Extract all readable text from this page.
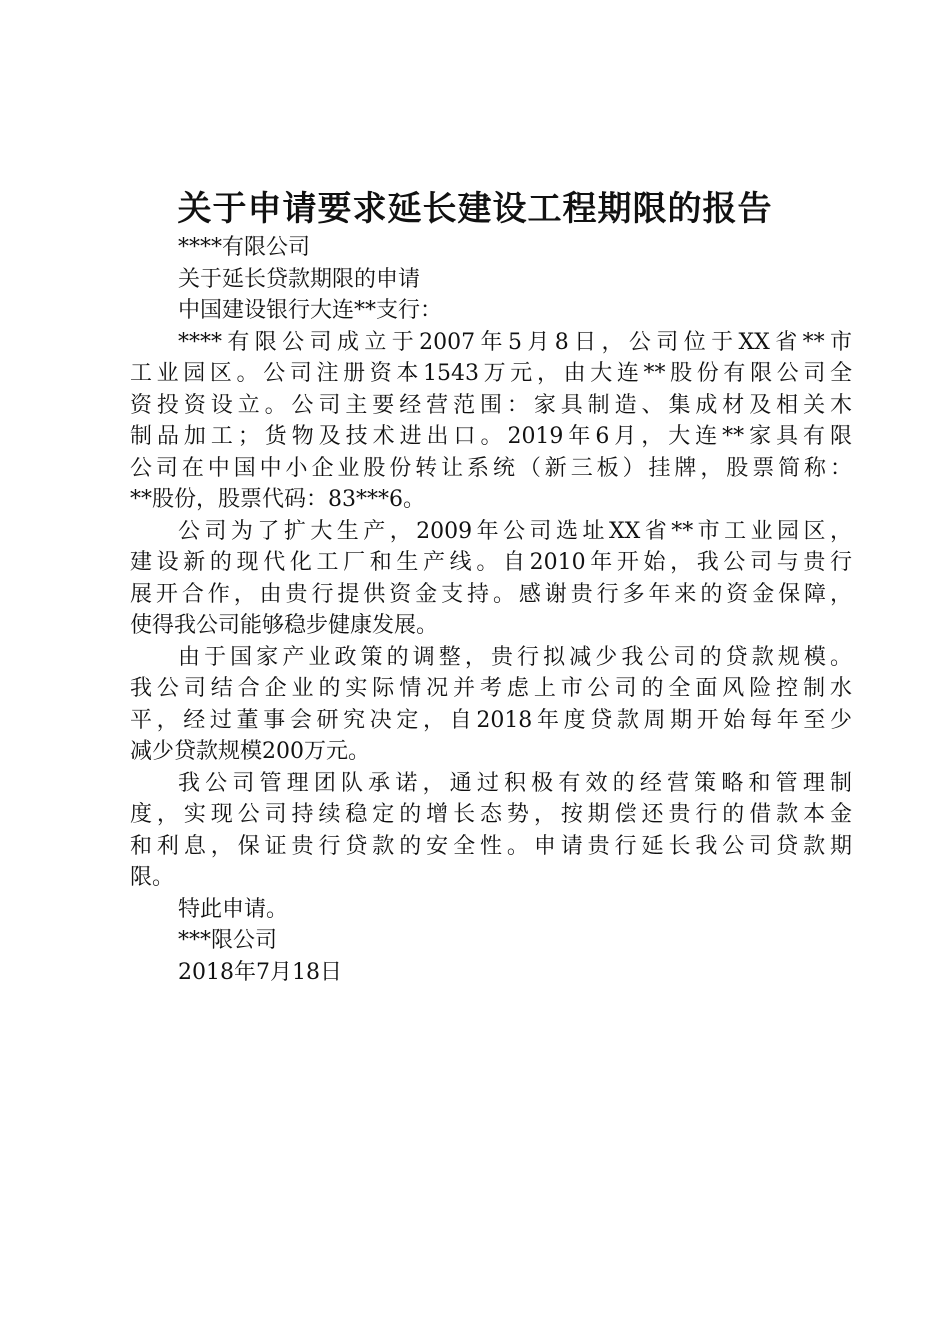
关于申请要求延长建设工程期限的报告

****有限公司

关于延长贷款期限的申请

中国建设银行大连**支行：

****有限公司成立于2007年5月8日，公司位于XX省**市

工业园区。公司注册资本1543万元，由大连**股份有限公司全

资投资设立。公司主要经营范围：家具制造、集成材及相关木

制品加工；货物及技术进出口。2019年6月，大连**家具有限

公司在中国中小企业股份转让系统（新三板）挂牌，股票简称：

**股份，股票代码：83***6。

公司为了扩大生产，2009年公司选址XX省**市工业园区，

建设新的现代化工厂和生产线。自2010年开始，我公司与贵行

展开合作，由贵行提供资金支持。感谢贵行多年来的资金保障，

使得我公司能够稳步健康发展。

由于国家产业政策的调整，贵行拟减少我公司的贷款规模。

我公司结合企业的实际情况并考虑上市公司的全面风险控制水

平，经过董事会研究决定，自2018年度贷款周期开始每年至少

减少贷款规模200万元。

我公司管理团队承诺，通过积极有效的经营策略和管理制

度，实现公司持续稳定的增长态势，按期偿还贵行的借款本金

和利息，保证贵行贷款的安全性。申请贵行延长我公司贷款期

限。

特此申请。

***限公司

2018年7月18日
